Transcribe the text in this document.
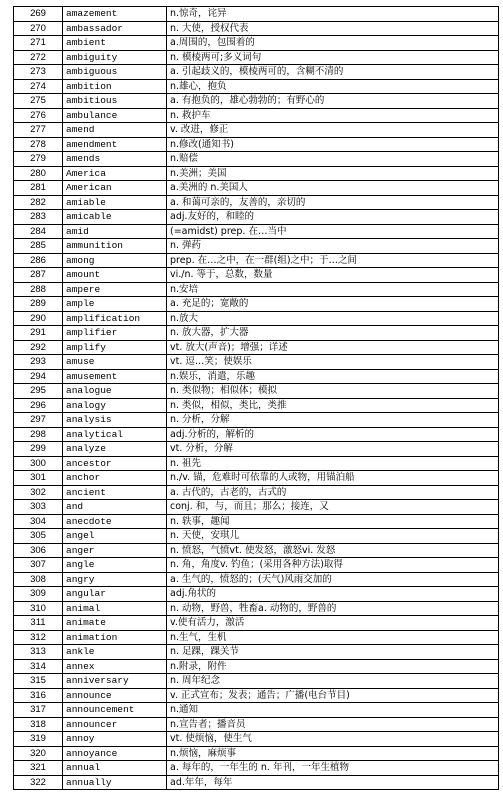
269	amazement	n.惊奇，诧异
270	ambassador	n. 大使，授权代表
271	ambient	a.周围的，包围着的
272	ambiguity	n. 模棱两可;多义词句
273	ambiguous	a. 引起歧义的，模棱两可的，含糊不清的
274	ambition	n.雄心，抱负
275	ambitious	a. 有抱负的，雄心勃勃的；有野心的
276	ambulance	n. 救护车
277	amend	v. 改进，修正
278	amendment	n.修改(通知书)
279	amends	n.赔偿
280	America	n.美洲；美国
281	American	a.美洲的 n.美国人
282	amiable	a. 和蔼可亲的，友善的，亲切的
283	amicable	adj.友好的，和睦的
284	amid	(=amidst) prep. 在…当中
285	ammunition	n. 弹药
286	among	prep. 在…之中，在一群(组)之中；于…之间
287	amount	vi./n. 等于，总数，数量
288	ampere	n.安培
289	ample	a. 充足的；宽敞的
290	amplification	n.放大
291	amplifier	n. 放大器，扩大器
292	amplify	vt. 放大(声音)；增强；详述
293	amuse	vt. 逗…笑；使娱乐
294	amusement	n.娱乐，消遣，乐趣
295	analogue	n. 类似物；相似体；模拟
296	analogy	n. 类似，相似，类比，类推
297	analysis	n. 分析，分解
298	analytical	adj.分析的，解析的
299	analyze	vt. 分析，分解
300	ancestor	n. 祖先
301	anchor	n./v. 锚，危难时可依靠的人或物，用锚泊船
302	ancient	a. 古代的，古老的，古式的
303	and	conj. 和，与，而且；那么；接连，又
304	anecdote	n. 轶事，趣闻
305	angel	n. 天使，安琪儿
306	anger	n. 愤怒，气愤vt. 使发怒，激怒vi. 发怒
307	angle	n. 角，角度v. 钓鱼；(采用各种方法)取得
308	angry	a. 生气的，愤怒的；(天气)风雨交加的
309	angular	adj.角状的
310	animal	n. 动物，野兽，牲畜a. 动物的，野兽的
311	animate	v.使有活力，激活
312	animation	n.生气，生机
313	ankle	n. 足踝，踝关节
314	annex	n.附录，附件
315	anniversary	n. 周年纪念
316	announce	v. 正式宣布；发表；通告；广播(电台节目)
317	announcement	n.通知
318	announcer	n.宣告者；播音员
319	annoy	vt. 使烦恼，使生气
320	annoyance	n.烦恼，麻烦事
321	annual	a. 每年的，一年生的 n. 年刊，一年生植物
322	annually	ad.年年，每年
